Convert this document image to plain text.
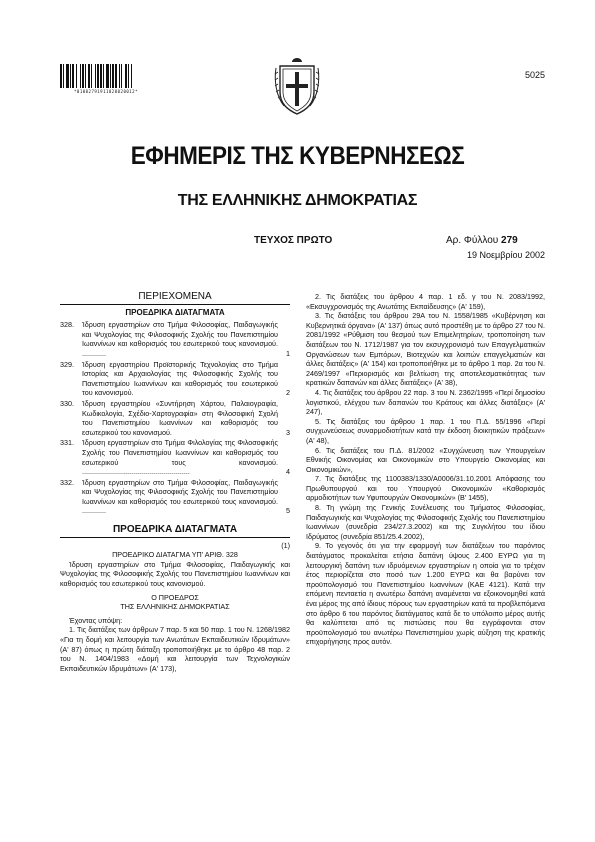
*01002791911020020012*
5025
ΕΦΗΜΕΡΙΣ ΤΗΣ ΚΥΒΕΡΝΗΣΕΩΣ
ΤΗΣ ΕΛΛΗΝΙΚΗΣ ΔΗΜΟΚΡΑΤΙΑΣ
ΤΕΥΧΟΣ ΠΡΩΤΟ	Αρ. Φύλλου 279
19 Νοεμβρίου 2002
ΠΕΡΙΕΧΟΜΕΝΑ
ΠΡΟΕΔΡΙΚΑ ΔΙΑΤΑΓΜΑΤΑ
328.	Ίδρυση εργαστηρίων στο Τμήμα Φιλοσοφίας, Παιδαγωγικής και Ψυχολογίας της Φιλοσοφικής Σχολής του Πανεπιστημίου Ιωαννίνων και καθορισμός του εσωτερικού τους κανονισμού. ............	1
329.	Ίδρυση εργαστηρίου Προϊστορικής Τεχνολογίας στο Τμήμα Ιστορίας και Αρχαιολογίας της Φιλοσοφικής Σχολής του Πανεπιστημίου Ιωαννίνων και καθορισμός του εσωτερικού του κανονισμού.	2
330.	Ίδρυση εργαστηρίου «Συντήρηση Χάρτου, Παλαιογραφία, Κωδικολογία, Σχέδιο-Χαρτογραφία» στη Φιλοσοφική Σχολή του Πανεπιστημίου Ιωαννίνων και καθορισμός του εσωτερικού του κανονισμού.	3
331.	Ίδρυση εργαστηρίων στο Τμήμα Φιλολογίας της Φιλοσοφικής Σχολής του Πανεπιστημίου Ιωαννίνων και καθορισμός του εσωτερικού τους κανονισμού. ......................................................	4
332.	Ίδρυση εργαστηρίων στο Τμήμα Φιλοσοφίας, Παιδαγωγικής και Ψυχολογίας της Φιλοσοφικής Σχολής του Πανεπιστημίου Ιωαννίνων και καθορισμός του εσωτερικού τους κανονισμού. ............	5
ΠΡΟΕΔΡΙΚΑ ΔΙΑΤΑΓΜΑΤΑ
(1)
ΠΡΟΕΔΡΙΚΟ ΔΙΑΤΑΓΜΑ ΥΠ' ΑΡΙΘ. 328

Ίδρυση εργαστηρίων στο Τμήμα Φιλοσοφίας, Παιδαγωγικής και Ψυχολογίας της Φιλοσοφικής Σχολής του Πανεπιστημίου Ιωαννίνων και καθορισμός του εσωτερικού τους κανονισμού.

Ο ΠΡΟΕΔΡΟΣ
ΤΗΣ ΕΛΛΗΝΙΚΗΣ ΔΗΜΟΚΡΑΤΙΑΣ

Έχοντας υπόψη:

1. Τις διατάξεις των άρθρων 7 παρ. 5 και 50 παρ. 1 του Ν. 1268/1982 «Για τη δομή και λειτουργία των Ανωτάτων Εκπαιδευτικών Ιδρυμάτων» (Α' 87) όπως η πρώτη διάταξη τροποποιήθηκε με το άρθρο 48 παρ. 2 του Ν. 1404/1983 «Δομή και λειτουργία των Τεχνολογικών Εκπαιδευτικών Ιδρυμάτων» (Α' 173),

2. Τις διατάξεις του άρθρου 4 παρ. 1 εδ. γ του Ν. 2083/1992, «Εκσυγχρονισμός της Ανωτάτης Εκπαίδευσης» (Α' 159),

3. Τις διατάξεις του άρθρου 29Α του Ν. 1558/1985 «Κυβέρνηση και Κυβερνητικά όργανα» (Α' 137) όπως αυτό προστέθη με το άρθρο 27 του Ν. 2081/1992 «Ρύθμιση του θεσμού των Επιμελητηρίων, τροποποίηση των διατάξεων του Ν. 1712/1987 για τον εκσυγχρονισμό των Επαγγελματικών Οργανώσεων των Εμπόρων, Βιοτεχνών και λοιπών επαγγελματιών και άλλες διατάξεις» (Α' 154) και τροποποιήθηκε με το άρθρο 1 παρ. 2α του Ν. 2469/1997 «Περιορισμός και βελτίωση της αποτελεσματικότητας των κρατικών δαπανών και άλλες διατάξεις» (Α' 38),

4. Τις διατάξεις του άρθρου 22 παρ. 3 του Ν. 2362/1995 «Περί δημοσίου λογιστικού, ελέγχου των δαπανών του Κράτους και άλλες διατάξεις» (Α' 247),

5. Τις διατάξεις του άρθρου 1 παρ. 1 του Π.Δ. 55/1996 «Περί συγχωνεύσεως συναρμοδιοτήτων κατά την έκδοση διοικητικών πράξεων» (Α' 48),

6. Τις διατάξεις του Π.Δ. 81/2002 «Συγχώνευση των Υπουργείων Εθνικής Οικονομίας και Οικονομικών στο Υπουργείο Οικονομίας και Οικονομικών»,

7. Τις διατάξεις της 1100383/1330/Α0006/31.10.2001 Απόφασης του Πρωθυπουργού και του Υπουργού Οικονομικών «Καθορισμός αρμοδιοτήτων των Υφυπουργών Οικονομικών» (Β' 1455),

8. Τη γνώμη της Γενικής Συνέλευσης του Τμήματος Φιλοσοφίας, Παιδαγωγικής και Ψυχολογίας της Φιλοσοφικής Σχολής του Πανεπιστημίου Ιωαννίνων (συνεδρία 234/27.3.2002) και της Συγκλήτου του ίδιου Ιδρύματος (συνεδρία 851/25.4.2002),

9. Το γεγονός ότι για την εφαρμογή των διατάξεων του παρόντος διατάγματος προκαλείται ετήσια δαπάνη ύψους 2.400 ΕΥΡΩ για τη λειτουργική δαπάνη των ιδρυόμενων εργαστηρίων η οποία για το τρέχον έτος περιορίζεται στο ποσό των 1.200 ΕΥΡΩ και θα βαρύνει τον προϋπολογισμό του Πανεπιστημίου Ιωαννίνων (ΚΑΕ 4121). Κατά την επόμενη πενταετία η ανωτέρω δαπάνη αναμένεται να εξοικονομηθεί κατά ένα μέρος της από ίδιους πόρους των εργαστηρίων κατά τα προβλεπόμενα στο άρθρο 6 του παρόντος διατάγματος κατά δε το υπόλοιπο μέρος αυτής θα καλύπτεται από τις πιστώσεις που θα εγγράφονται στον προϋπολογισμό του ανωτέρω Πανεπιστημίου χωρίς αύξηση της κρατικής επιχορήγησης προς αυτόν.
